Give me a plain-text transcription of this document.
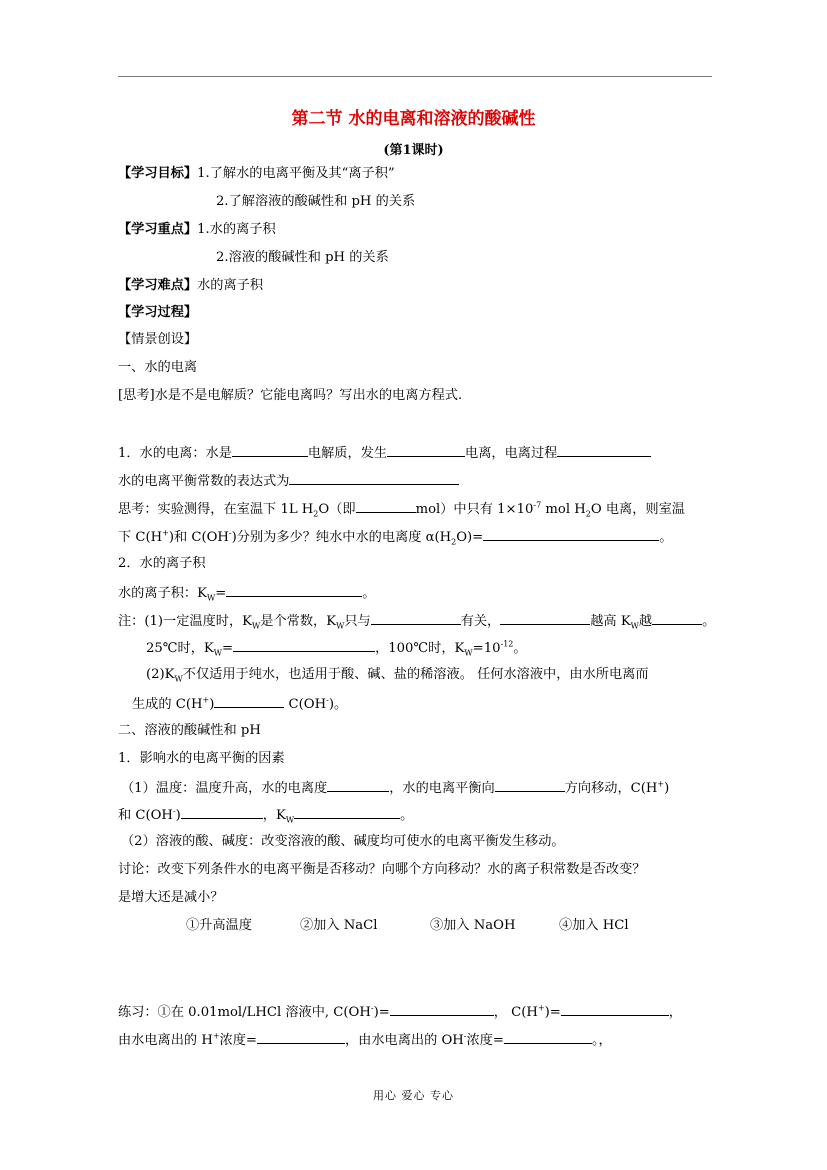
第二节 水的电离和溶液的酸碱性
(第1课时)
【学习目标】1.了解水的电离平衡及其“离子积”
2.了解溶液的酸碱性和 pH 的关系
【学习重点】1.水的离子积
2.溶液的酸碱性和 pH 的关系
【学习难点】水的离子积
【学习过程】
【情景创设】
一、水的电离
[思考]水是不是电解质？它能电离吗？写出水的电离方程式.
1．水的电离：水是	电解质，发生	电离，电离过程
水的电离平衡常数的表达式为
思考：实验测得，在室温下 1L $H_2O$（即	mol）中只有 $1\times 10^{-7}$ mol $H_2O$ 电离，则室温
下 C(H+)和 C(OH-)分别为多少？纯水中水的电离度 $\alpha(H_2O)=$	。
2．水的离子积
水的离子积：$K_W=$	。
注：(1)一定温度时，$K_W$是个常数，$K_W$只与	有关，	越高 $K_W$越	。
25℃时，$K_W=$	，100℃时，$K_W=10^{-12}$。
$(2)K_W$不仅适用于纯水，也适用于酸、碱、盐的稀溶液。 任何水溶液中，由水所电离而
生成的 C(H+)	C(OH-)。
二、溶液的酸碱性和 pH
1．影响水的电离平衡的因素
（1）温度：温度升高，水的电离度	，水的电离平衡向	方向移动，C(H+)
和 C(OH-)	，$K_W$	。
（2）溶液的酸、碱度：改变溶液的酸、碱度均可使水的电离平衡发生移动。
讨论：改变下列条件水的电离平衡是否移动？向哪个方向移动？水的离子积常数是否改变？
是增大还是减小？
①升高温度	②加入 NaCl	③加入 NaOH	④加入 HCl
练习：①在 0.01mol/LHCl 溶液中, C(OH-)=	， C(H+)=	，
由水电离出的 H+浓度=	，由水电离出的 OH-浓度=	。，
用心 爱心 专心
